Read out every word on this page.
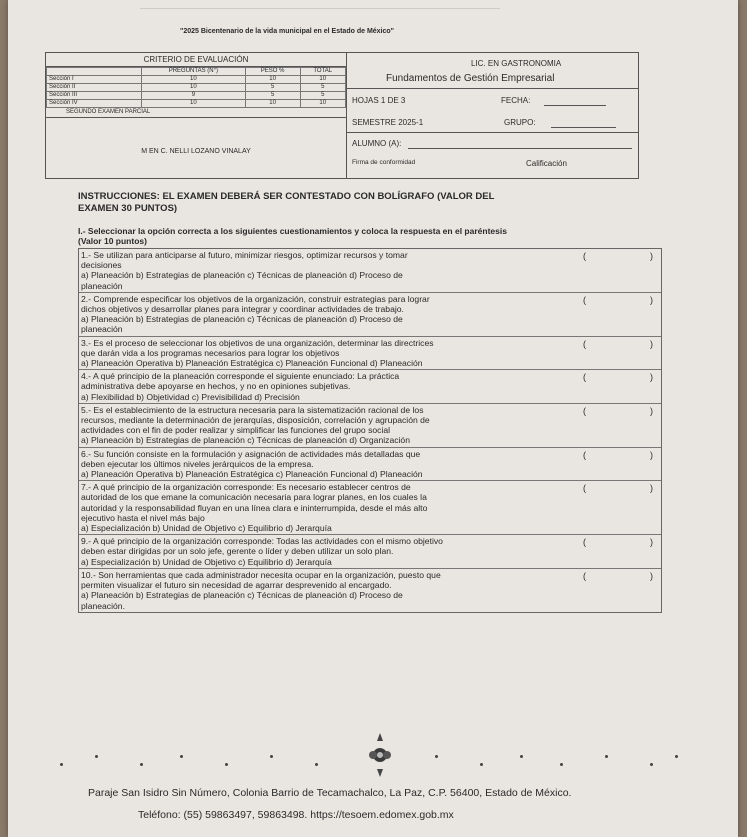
"2025 Bicentenario de la vida municipal en el Estado de México"
CRITERIO DE EVALUACIÓN
	PREGUNTAS (N°)	PESO %	TOTAL
Sección I	10	10	10
Sección II	10	5	5
Sección III	9	5	5
Sección IV	10	10	10
SEGUNDO EXAMEN PARCIAL
M EN C. NELLI LOZANO VINALAY
LIC. EN GASTRONOMIA
Fundamentos de Gestión Empresarial
HOJAS 1 DE 3	FECHA:
SEMESTRE 2025-1	GRUPO:
ALUMNO (A):
Firma de conformidad	Calificación
INSTRUCCIONES: EL EXAMEN DEBERÁ SER CONTESTADO CON BOLÍGRAFO (VALOR DEL
EXAMEN 30 PUNTOS)
I.- Seleccionar la opción correcta a los siguientes cuestionamientos y coloca la respuesta en el paréntesis
(Valor 10 puntos)
1.- Se utilizan para anticiparse al futuro, minimizar riesgos, optimizar recursos y tomar
decisiones
a) Planeación b) Estrategias de planeación c) Técnicas de planeación d) Proceso de
planeación
(	)
2.- Comprende especificar los objetivos de la organización, construir estrategias para lograr
dichos objetivos y desarrollar planes para integrar y coordinar actividades de trabajo.
a) Planeación b) Estrategias de planeación c) Técnicas de planeación d) Proceso de
planeación
(	)
3.- Es el proceso de seleccionar los objetivos de una organización, determinar las directrices
que darán vida a los programas necesarios para lograr los objetivos
a) Planeación Operativa b) Planeación Estratégica c) Planeación Funcional d) Planeación
(	)
4.- A qué principio de la planeación corresponde el siguiente enunciado: La práctica
administrativa debe apoyarse en hechos, y no en opiniones subjetivas.
a) Flexibilidad b) Objetividad c) Previsibilidad d) Precisión
(	)
5.- Es el establecimiento de la estructura necesaria para la sistematización racional de los
recursos, mediante la determinación de jerarquías, disposición, correlación y agrupación de
actividades con el fin de poder realizar y simplificar las funciones del grupo social
a) Planeación b) Estrategias de planeación c) Técnicas de planeación d) Organización
(	)
6.- Su función consiste en la formulación y asignación de actividades más detalladas que
deben ejecutar los últimos niveles jerárquicos de la empresa.
a) Planeación Operativa b) Planeación Estratégica c) Planeación Funcional d) Planeación
(	)
7.- A qué principio de la organización corresponde: Es necesario establecer centros de
autoridad de los que emane la comunicación necesaria para lograr planes, en los cuales la
autoridad y la responsabilidad fluyan en una línea clara e ininterrumpida, desde el más alto
ejecutivo hasta el nivel más bajo
a) Especialización b) Unidad de Objetivo c) Equilibrio d) Jerarquía
(	)
9.- A qué principio de la organización corresponde: Todas las actividades con el mismo objetivo
deben estar dirigidas por un solo jefe, gerente o líder y deben utilizar un solo plan.
a) Especialización b) Unidad de Objetivo c) Equilibrio d) Jerarquía
(	)
10.- Son herramientas que cada administrador necesita ocupar en la organización, puesto que
permiten visualizar el futuro sin necesidad de agarrar desprevenido al encargado.
a) Planeación b) Estrategias de planeación c) Técnicas de planeación d) Proceso de
planeación.
(	)
Paraje San Isidro Sin Número, Colonia Barrio de Tecamachalco, La Paz, C.P. 56400, Estado de México.
Teléfono: (55) 59863497, 59863498. https://tesoem.edomex.gob.mx
